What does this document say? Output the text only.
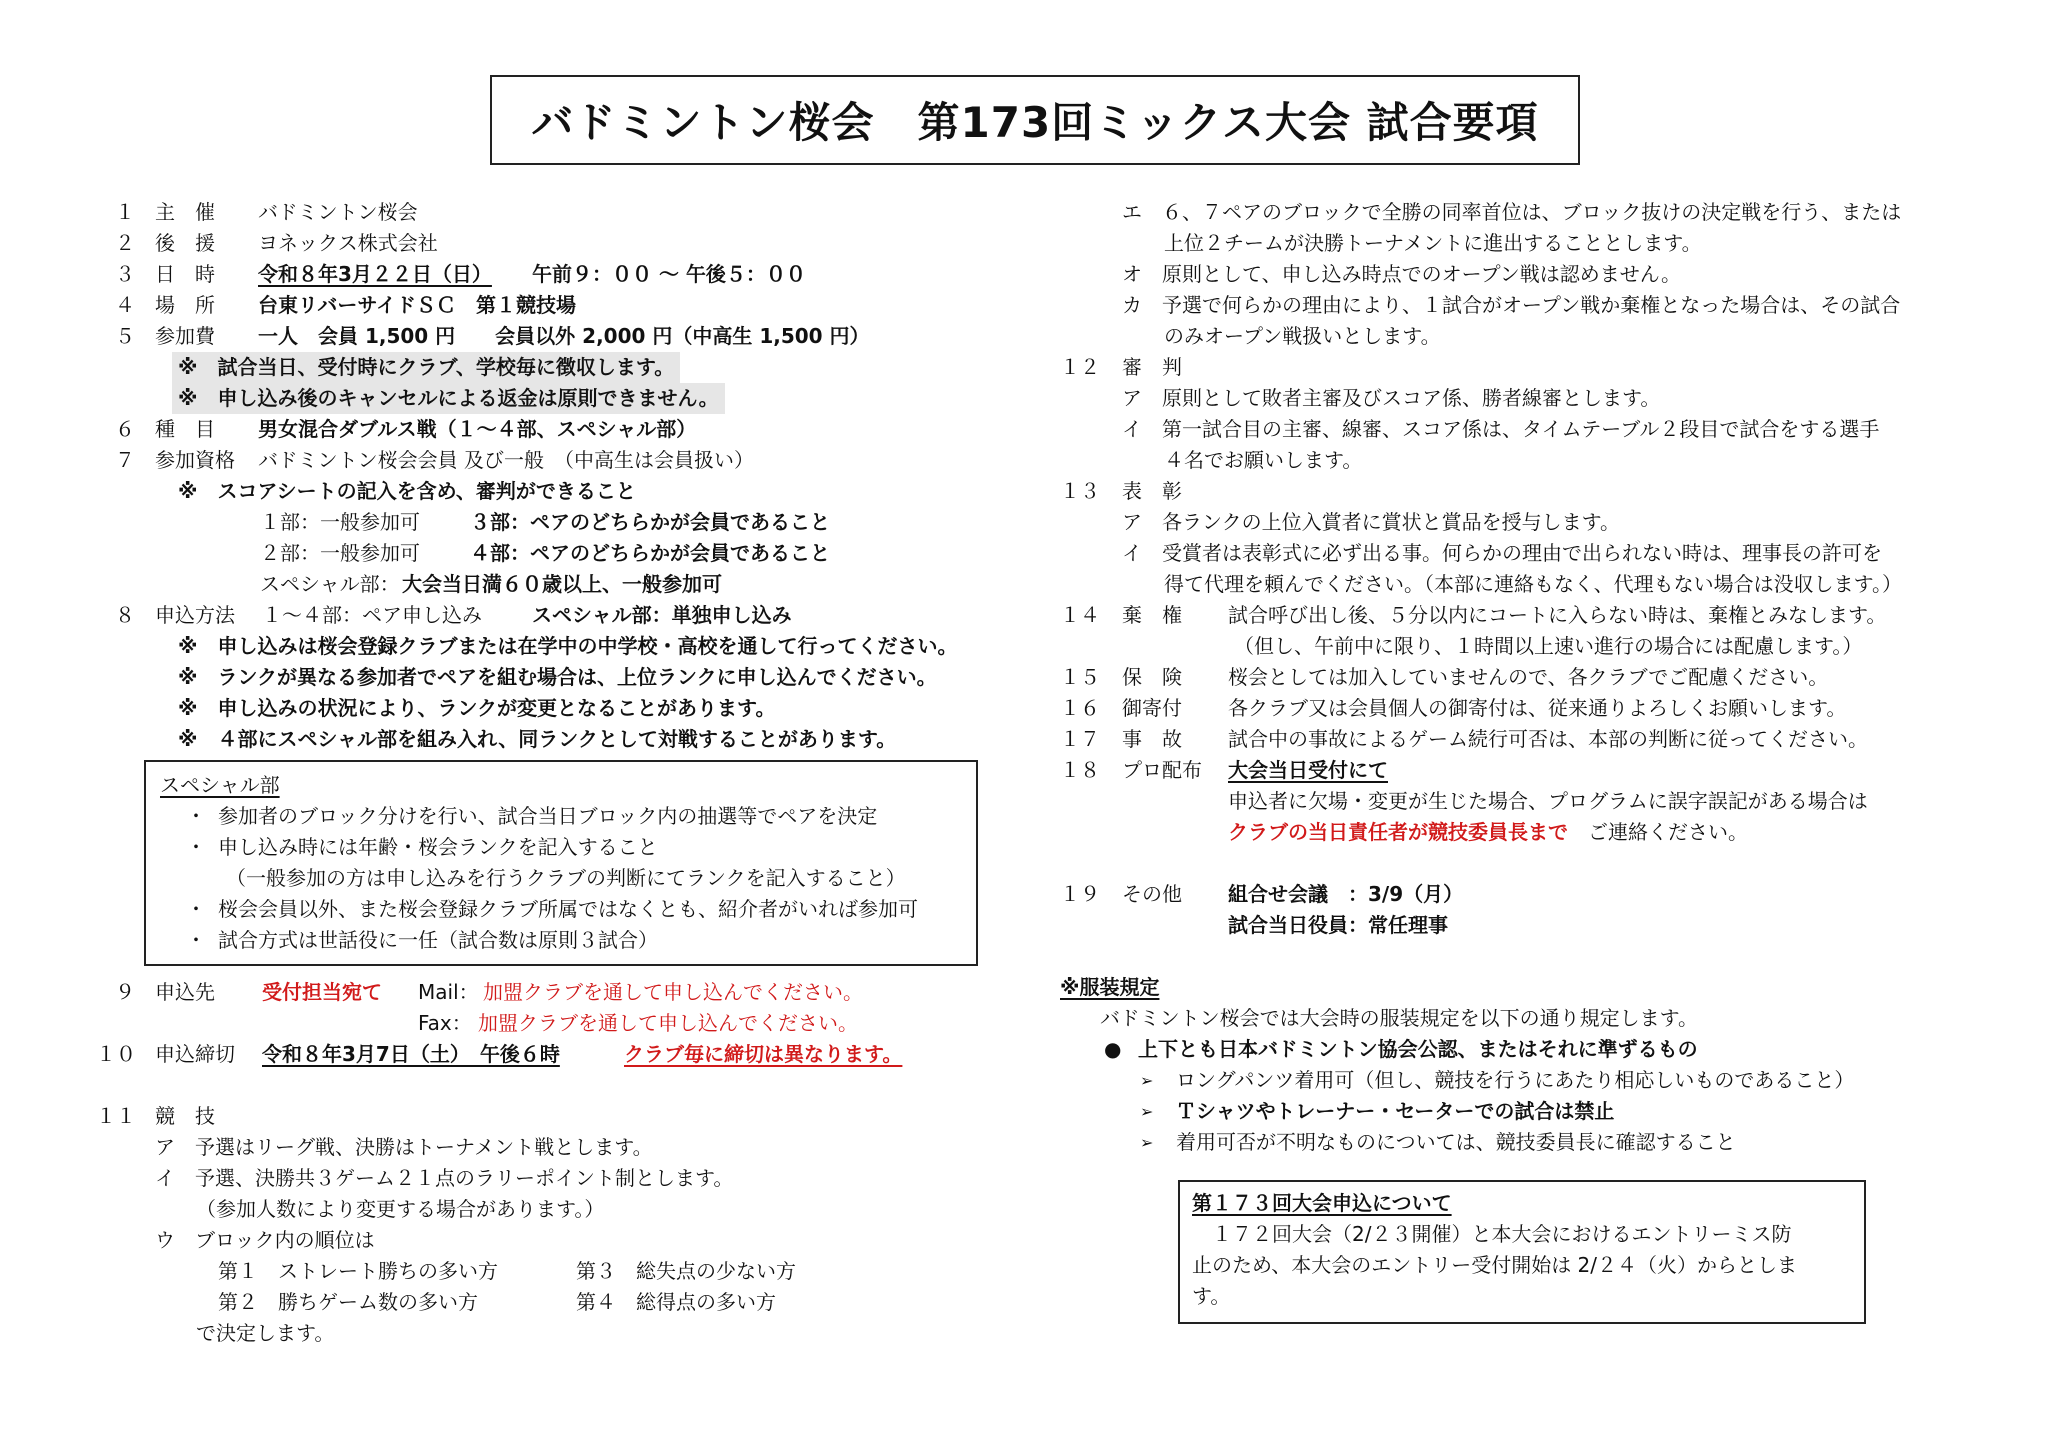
バドミントン桜会　第173回ミックス大会 試合要項
１ 主　催 バドミントン桜会
２ 後　援 ヨネックス株式会社
３ 日　時 令和８年3月２２日（日） 午前９：００ ～ 午後５：００
４ 場　所 台東リバーサイドＳＣ　第１競技場
５ 参加費 一人　会員 1,500 円　　会員以外 2,000 円（中高生 1,500 円）
※　試合当日、受付時にクラブ、学校毎に徴収します。
※　申し込み後のキャンセルによる返金は原則できません。
６ 種　目 男女混合ダブルス戦（１～４部、スペシャル部）
７ 参加資格 バドミントン桜会会員 及び一般　（中高生は会員扱い）
※　スコアシートの記入を含め、審判ができること
１部：一般参加可	３部：ペアのどちらかが会員であること
２部：一般参加可	４部：ペアのどちらかが会員であること
スペシャル部： 大会当日満６０歳以上、一般参加可
８ 申込方法 １～４部：ペア申し込み	スペシャル部：単独申し込み
※　申し込みは桜会登録クラブまたは在学中の中学校・高校を通して行ってください。
※　ランクが異なる参加者でペアを組む場合は、上位ランクに申し込んでください。
※　申し込みの状況により、ランクが変更となることがあります。
※　４部にスペシャル部を組み入れ、同ランクとして対戦することがあります。
スペシャル部
・ 参加者のブロック分けを行い、試合当日ブロック内の抽選等でペアを決定
・ 申し込み時には年齢・桜会ランクを記入すること
（一般参加の方は申し込みを行うクラブの判断にてランクを記入すること）
・ 桜会会員以外、また桜会登録クラブ所属ではなくとも、紹介者がいれば参加可
・ 試合方式は世話役に一任（試合数は原則３試合）
９ 申込先 受付担当宛て Mail： 加盟クラブを通して申し込んでください。
Fax： 加盟クラブを通して申し込んでください。
１０ 申込締切 令和８年3月7日（土）　午後６時	クラブ毎に締切は異なります。
１１ 競　技
ア　予選はリーグ戦、決勝はトーナメント戦とします。
イ　予選、決勝共３ゲーム２１点のラリーポイント制とします。
（参加人数により変更する場合があります。）
ウ　ブロック内の順位は
第１　ストレート勝ちの多い方	第３　総失点の少ない方
第２　勝ちゲーム数の多い方	第４　総得点の多い方
で決定します。
エ　６、７ペアのブロックで全勝の同率首位は、ブロック抜けの決定戦を行う、または
上位２チームが決勝トーナメントに進出することとします。
オ　原則として、申し込み時点でのオープン戦は認めません。
カ　予選で何らかの理由により、１試合がオープン戦か棄権となった場合は、その試合
のみオープン戦扱いとします。
１２ 審　判
ア　原則として敗者主審及びスコア係、勝者線審とします。
イ　第一試合目の主審、線審、スコア係は、タイムテーブル２段目で試合をする選手
４名でお願いします。
１３ 表　彰
ア　各ランクの上位入賞者に賞状と賞品を授与します。
イ　受賞者は表彰式に必ず出る事。何らかの理由で出られない時は、理事長の許可を
得て代理を頼んでください。（本部に連絡もなく、代理もない場合は没収します。）
１４ 棄　権 試合呼び出し後、５分以内にコートに入らない時は、棄権とみなします。
（但し、午前中に限り、１時間以上速い進行の場合には配慮します。）
１５ 保　険 桜会としては加入していませんので、各クラブでご配慮ください。
１６ 御寄付 各クラブ又は会員個人の御寄付は、従来通りよろしくお願いします。
１７ 事　故 試合中の事故によるゲーム続行可否は、本部の判断に従ってください。
１８ プロ配布 大会当日受付にて
申込者に欠場・変更が生じた場合、プログラムに誤字誤記がある場合は
クラブの当日責任者が競技委員長まで ご連絡ください。
１９ その他 組合せ会議　：3/9（月）
試合当日役員：常任理事
※服装規定
バドミントン桜会では大会時の服装規定を以下の通り規定します。
● 上下とも日本バドミントン協会公認、またはそれに準ずるもの
➢ ロングパンツ着用可（但し、競技を行うにあたり相応しいものであること）
➢ Ｔシャツやトレーナー・セーターでの試合は禁止
➢ 着用可否が不明なものについては、競技委員長に確認すること
第１７３回大会申込について
　１７２回大会（2/２３開催）と本大会におけるエントリーミス防
止のため、本大会のエントリー受付開始は 2/２４（火）からとしま
す。
